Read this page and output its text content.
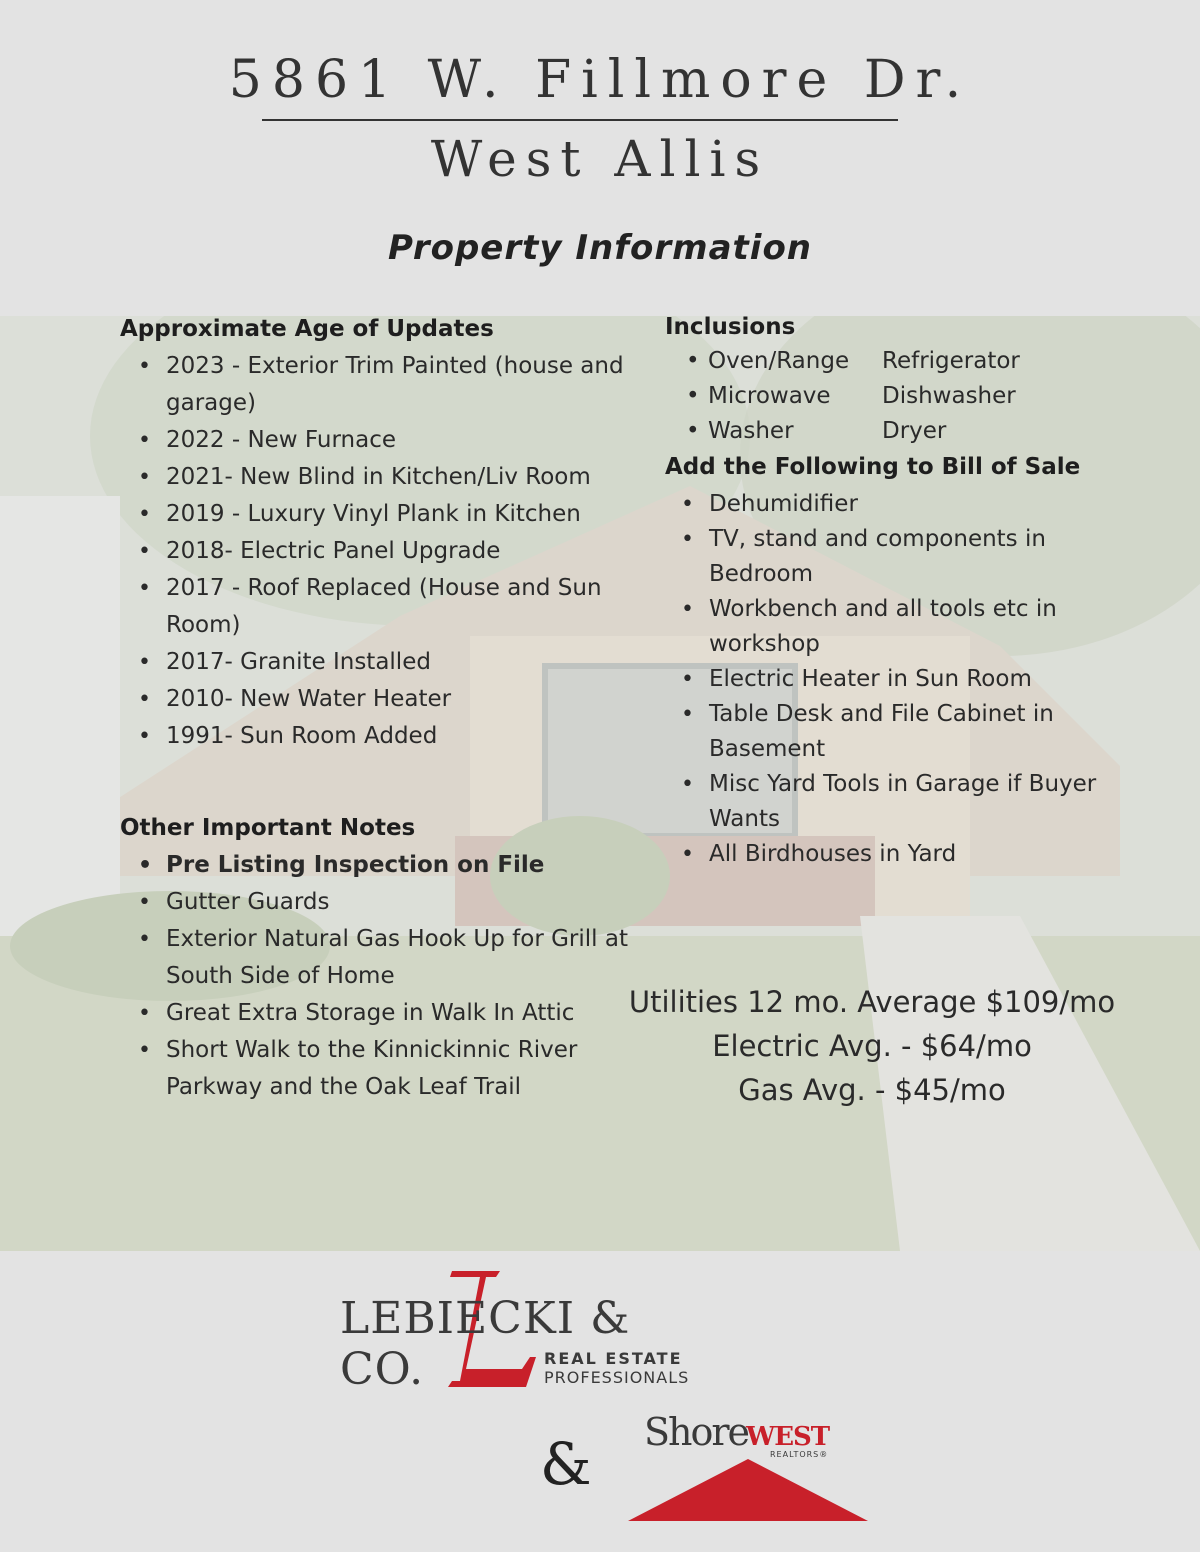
5861 W. Fillmore Dr.
West Allis
Property Information
Approximate Age of Updates
• 2023 - Exterior Trim Painted (house and garage)
• 2022 - New Furnace
• 2021- New Blind in Kitchen/Liv Room
• 2019 - Luxury Vinyl Plank in Kitchen
• 2018- Electric Panel Upgrade
• 2017 - Roof Replaced (House and Sun Room)
• 2017- Granite Installed
• 2010- New Water Heater
• 1991- Sun Room Added
Other Important Notes
• Pre Listing Inspection on File
• Gutter Guards
• Exterior Natural Gas Hook Up for Grill at South Side of Home
• Great Extra Storage in Walk In Attic
• Short Walk to the Kinnickinnic River Parkway and the Oak Leaf Trail
Inclusions
• Oven/Range Refrigerator
• Microwave Dishwasher
• Washer	Dryer
Add the Following to Bill of Sale
• Dehumidifier
• TV, stand and components in Bedroom
• Workbench and all tools etc in workshop
• Electric Heater in Sun Room
• Table Desk and File Cabinet in Basement
• Misc Yard Tools in Garage if Buyer Wants
• All Birdhouses in Yard
Utilities 12 mo. Average $109/mo
Electric Avg. - $64/mo
Gas Avg. - $45/mo
LEBIECKI & CO.	REAL ESTATE
PROFESSIONALS
& Shore
WEST
REALTORS®
